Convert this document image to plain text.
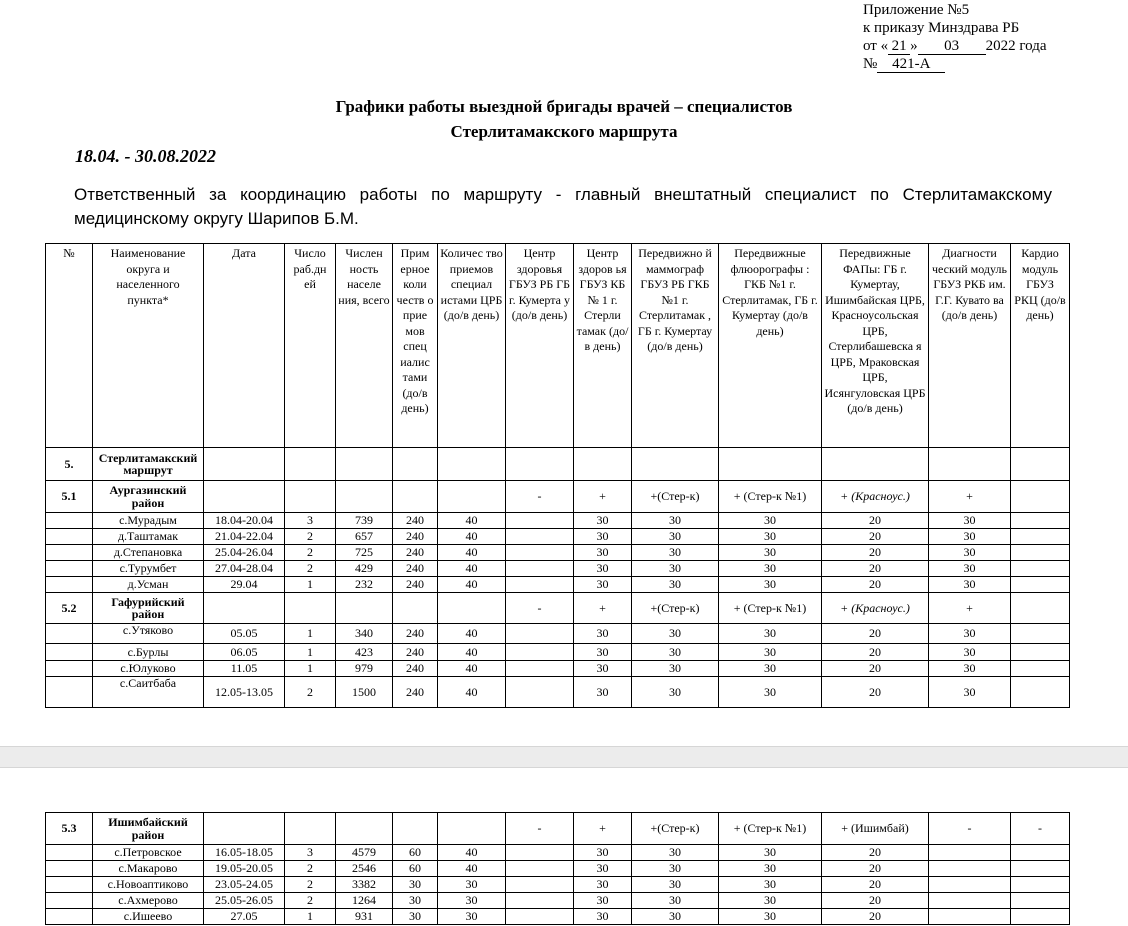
Приложение №5
к приказу Минздрава РБ
от « 21 » 03 2022 года
№ 421-А
Графики работы выездной бригады врачей – специалистов
Стерлитамакского маршрута
18.04. - 30.08.2022
Ответственный за координацию работы по маршруту - главный внештатный специалист по Стерлитамакскому медицинскому округу Шарипов Б.М.
№	Наименование округа и населенного пункта*	Дата	Число раб.дн ей	Числен ность населе ния, всего	Прим ерное коли честв о прие мов спец иалис тами (до/в день)	Количес тво приемов специал истами ЦРБ (до/в день)	Центр здоровья ГБУЗ РБ ГБ г. Кумерта у (до/в день)	Центр здоров ья ГБУЗ КБ № 1 г. Стерли тамак (до/в день)	Передвижно й маммограф ГБУЗ РБ ГКБ №1 г. Стерлитамак , ГБ г. Кумертау (до/в день)	Передвижные флюорографы : ГКБ №1 г. Стерлитамак, ГБ г. Кумертау (до/в день)	Передвижные ФАПы: ГБ г. Кумертау, Ишимбайская ЦРБ, Красноусольская ЦРБ, Стерлибашевска я ЦРБ, Мраковская ЦРБ, Исянгуловская ЦРБ (до/в день)	Диагности ческий модуль ГБУЗ РКБ им. Г.Г. Кувато ва (до/в день)	Кардио модуль ГБУЗ РКЦ (до/в день)
5.	Стерлитамакский маршрут												
5.1	Аургазинский район						-	+	+(Стер-к)	+ (Стер-к №1)	+ (Красноус.)	+	
	с.Мурадым	18.04-20.04	3	739	240	40		30	30	30	20	30	
	д.Таштамак	21.04-22.04	2	657	240	40		30	30	30	20	30	
	д.Степановка	25.04-26.04	2	725	240	40		30	30	30	20	30	
	с.Турумбет	27.04-28.04	2	429	240	40		30	30	30	20	30	
	д.Усман	29.04	1	232	240	40		30	30	30	20	30	
5.2	Гафурийский район						-	+	+(Стер-к)	+ (Стер-к №1)	+ (Красноус.)	+	
	с.Утяково	05.05	1	340	240	40		30	30	30	20	30	
	с.Бурлы	06.05	1	423	240	40		30	30	30	20	30	
	с.Юлуково	11.05	1	979	240	40		30	30	30	20	30	
	с.Саитбаба	12.05-13.05	2	1500	240	40		30	30	30	20	30	
5.3	Ишимбайский район						-	+	+(Стер-к)	+ (Стер-к №1)	+ (Ишимбай)	-	-
	с.Петровское	16.05-18.05	3	4579	60	40		30	30	30	20		
	с.Макарово	19.05-20.05	2	2546	60	40		30	30	30	20		
	с.Новоаптиково	23.05-24.05	2	3382	30	30		30	30	30	20		
	с.Ахмерово	25.05-26.05	2	1264	30	30		30	30	30	20		
	с.Ишеево	27.05	1	931	30	30		30	30	30	20		
